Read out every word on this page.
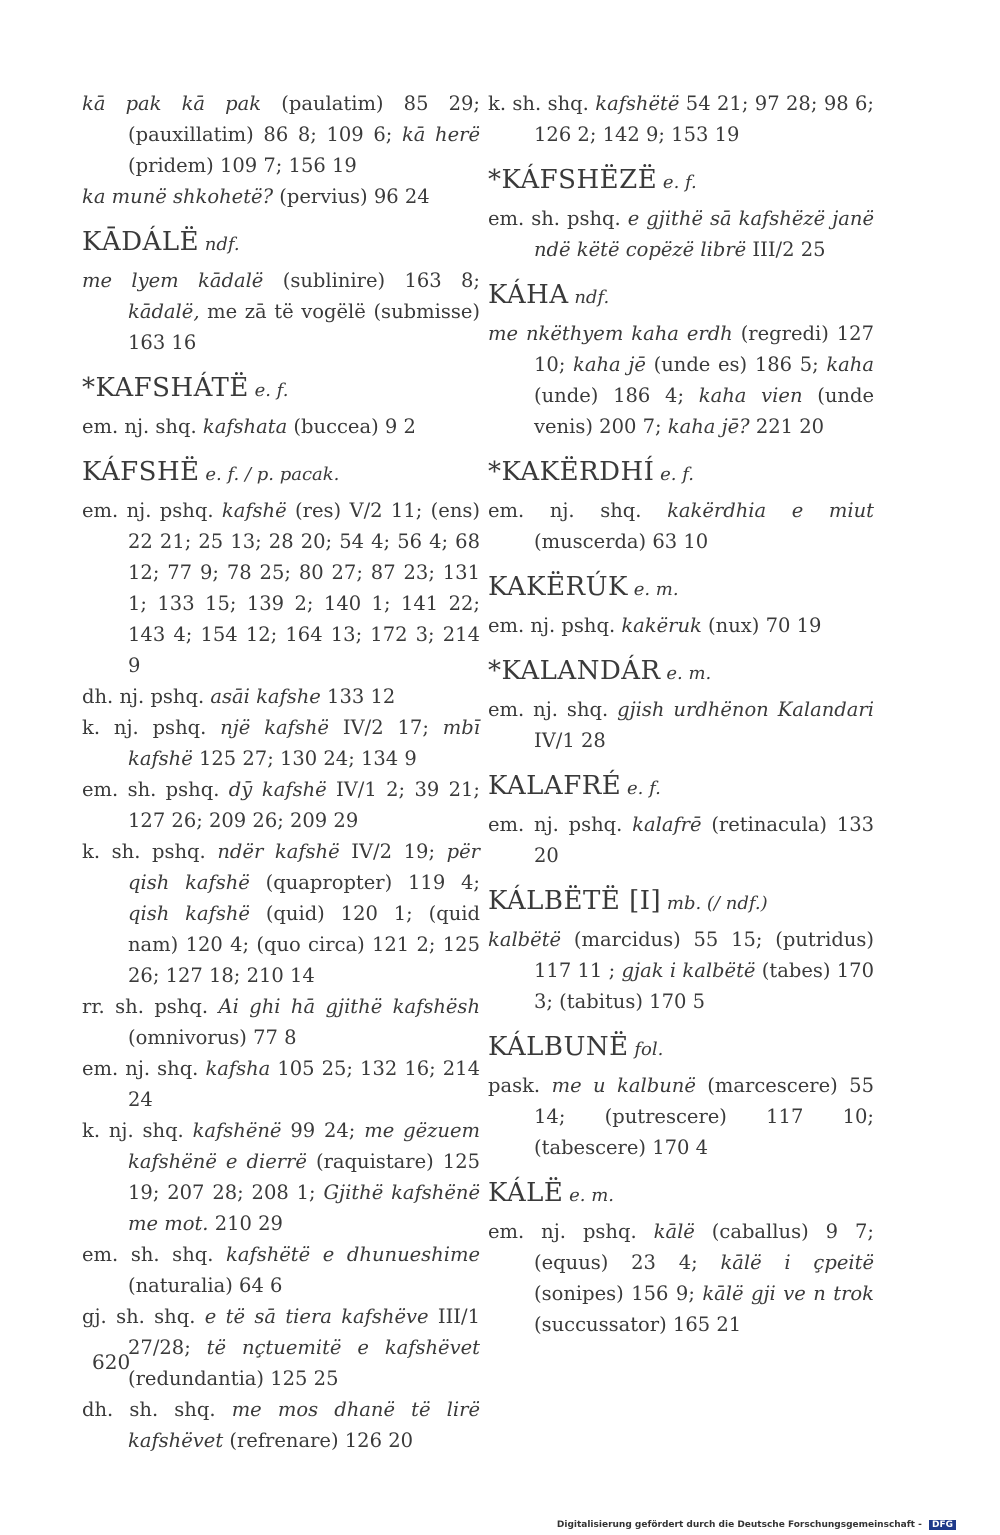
kā pak kā pak (paulatim) 85 29; (pauxillatim) 86 8; 109 6; kā herë (pridem) 109 7; 156 19
ka munë shkohetë? (pervius) 96 24
KĀDÁLË ndf.
me lyem kādalë (sublinire) 163 8; kādalë, me zā të vogëlë (submisse) 163 16
*KAFSHÁTË e. f.
em. nj. shq. kafshata (buccea) 9 2
KÁFSHË e. f. / p. pacak.
em. nj. pshq. kafshë (res) V/2 11; (ens) 22 21; 25 13; 28 20; 54 4; 56 4; 68 12; 77 9; 78 25; 80 27; 87 23; 131 1; 133 15; 139 2; 140 1; 141 22; 143 4; 154 12; 164 13; 172 3; 214 9
dh. nj. pshq. asāi kafshe 133 12
k. nj. pshq. një kafshë IV/2 17; mbī kafshë 125 27; 130 24; 134 9
em. sh. pshq. dӯ kafshë IV/1 2; 39 21; 127 26; 209 26; 209 29
k. sh. pshq. ndër kafshë IV/2 19; për qish kafshë (quapropter) 119 4; qish kafshë (quid) 120 1; (quid nam) 120 4; (quo circa) 121 2; 125 26; 127 18; 210 14
rr. sh. pshq. Ai ghi hā gjithë kafshësh (omnivorus) 77 8
em. nj. shq. kafsha 105 25; 132 16; 214 24
k. nj. shq. kafshënë 99 24; me gëzuem kafshënë e dierrë (raquistare) 125 19; 207 28; 208 1; Gjithë kafshënë me mot. 210 29
em. sh. shq. kafshëtë e dhunueshime (naturalia) 64 6
gj. sh. shq. e të sā tiera kafshëve III/1 27/28; të nçtuemitë e kafshëvet (redundantia) 125 25
dh. sh. shq. me mos dhanë të lirë kafshëvet (refrenare) 126 20
k. sh. shq. kafshëtë 54 21; 97 28; 98 6; 126 2; 142 9; 153 19
*KÁFSHËZË e. f.
em. sh. pshq. e gjithë sā kafshëzë janë ndë këtë copëzë librë III/2 25
KÁHA ndf.
me nkëthyem kaha erdh (regredi) 127 10; kaha jē (unde es) 186 5; kaha (unde) 186 4; kaha vien (unde venis) 200 7; kaha jē? 221 20
*KAKËRDHÍ e. f.
em. nj. shq. kakërdhia e miut (muscerda) 63 10
KAKËRÚK e. m.
em. nj. pshq. kakëruk (nux) 70 19
*KALANDÁR e. m.
em. nj. shq. gjish urdhënon Kalandari IV/1 28
KALAFRÉ e. f.
em. nj. pshq. kalafrē (retinacula) 133 20
KÁLBËTË [I] mb. (/ ndf.)
kalbëtë (marcidus) 55 15; (putridus) 117 11 ; gjak i kalbëtë (tabes) 170 3; (tabitus) 170 5
KÁLBUNË fol.
pask. me u kalbunë (marcescere) 55 14; (putrescere) 117 10; (tabescere) 170 4
KÁLË e. m.
em. nj. pshq. kālë (caballus) 9 7; (equus) 23 4; kālë i çpeitë (sonipes) 156 9; kālë gji ve n trok (succussator) 165 21
620
Digitalisierung gefördert durch die Deutsche Forschungsgemeinschaft - DFG
